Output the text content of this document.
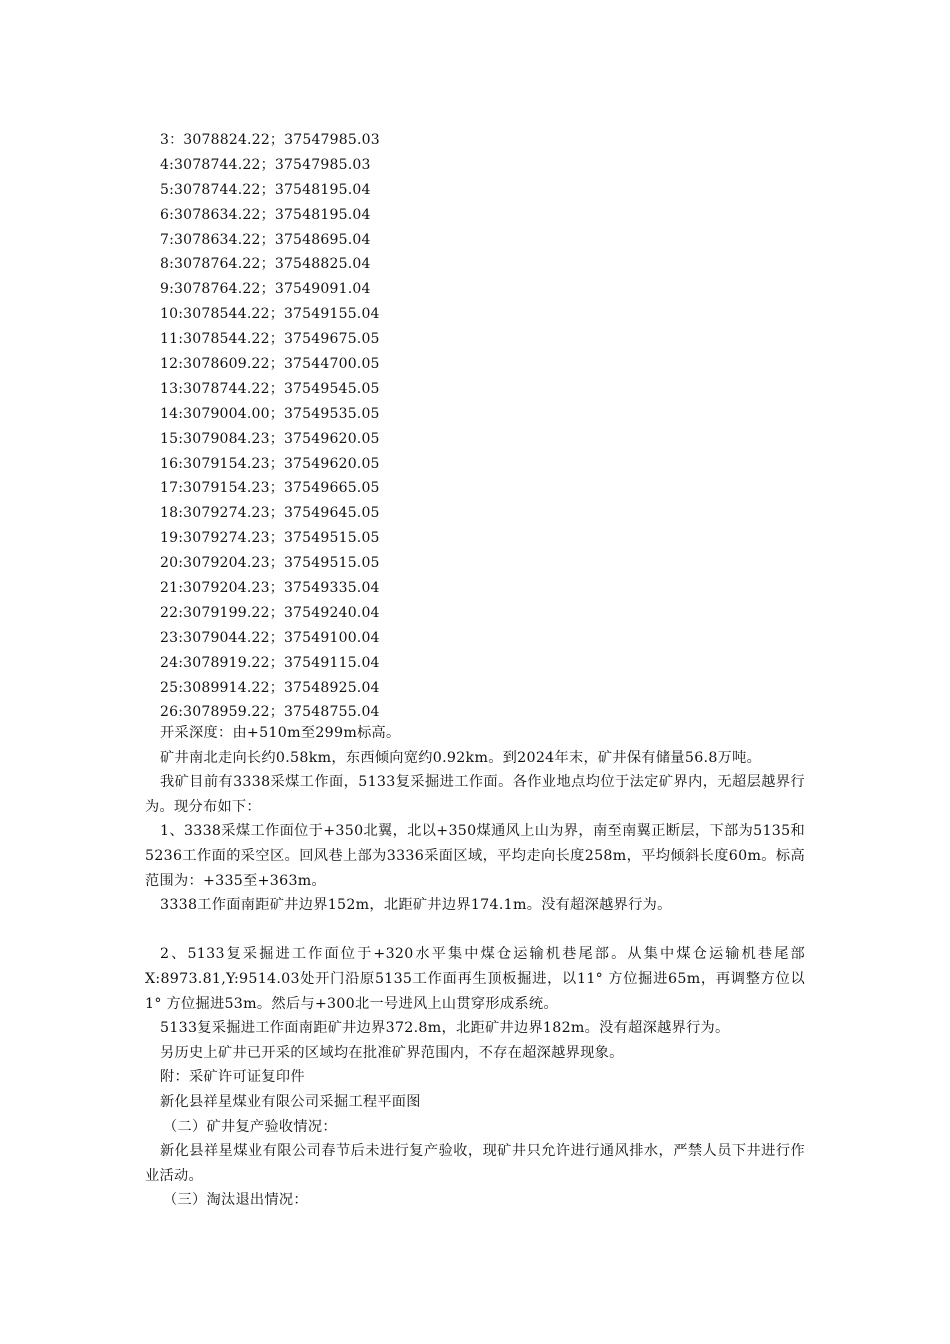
3：3078824.22；37547985.03
4:3078744.22；37547985.03
5:3078744.22；37548195.04
6:3078634.22；37548195.04
7:3078634.22；37548695.04
8:3078764.22；37548825.04
9:3078764.22；37549091.04
10:3078544.22；37549155.04
11:3078544.22；37549675.05
12:3078609.22；37544700.05
13:3078744.22；37549545.05
14:3079004.00；37549535.05
15:3079084.23；37549620.05
16:3079154.23；37549620.05
17:3079154.23；37549665.05
18:3079274.23；37549645.05
19:3079274.23；37549515.05
20:3079204.23；37549515.05
21:3079204.23；37549335.04
22:3079199.22；37549240.04
23:3079044.22；37549100.04
24:3078919.22；37549115.04
25:3089914.22；37548925.04
26:3078959.22；37548755.04

开采深度：由+510m至299m标高。

矿井南北走向长约0.58km，东西倾向宽约0.92km。到2024年末，矿井保有储量56.8万吨。

我矿目前有3338采煤工作面，5133复采掘进工作面。各作业地点均位于法定矿界内，无超层越界行为。现分布如下：

1、3338采煤工作面位于+350北翼，北以+350煤通风上山为界，南至南翼正断层，下部为5135和5236工作面的采空区。回风巷上部为3336采面区域，平均走向长度258m，平均倾斜长度60m。标高范围为：+335至+363m。

3338工作面南距矿井边界152m，北距矿井边界174.1m。没有超深越界行为。

2、5133复采掘进工作面位于+320水平集中煤仓运输机巷尾部。从集中煤仓运输机巷尾部X:8973.81,Y:9514.03处开门沿原5135工作面再生顶板掘进，以11° 方位掘进65m，再调整方位以1° 方位掘进53m。然后与+300北一号进风上山贯穿形成系统。

5133复采掘进工作面南距矿井边界372.8m，北距矿井边界182m。没有超深越界行为。

另历史上矿井已开采的区域均在批准矿界范围内，不存在超深越界现象。

附：采矿许可证复印件

新化县祥星煤业有限公司采掘工程平面图

（二）矿井复产验收情况：

新化县祥星煤业有限公司春节后未进行复产验收，现矿井只允许进行通风排水，严禁人员下井进行作业活动。

（三）淘汰退出情况：
